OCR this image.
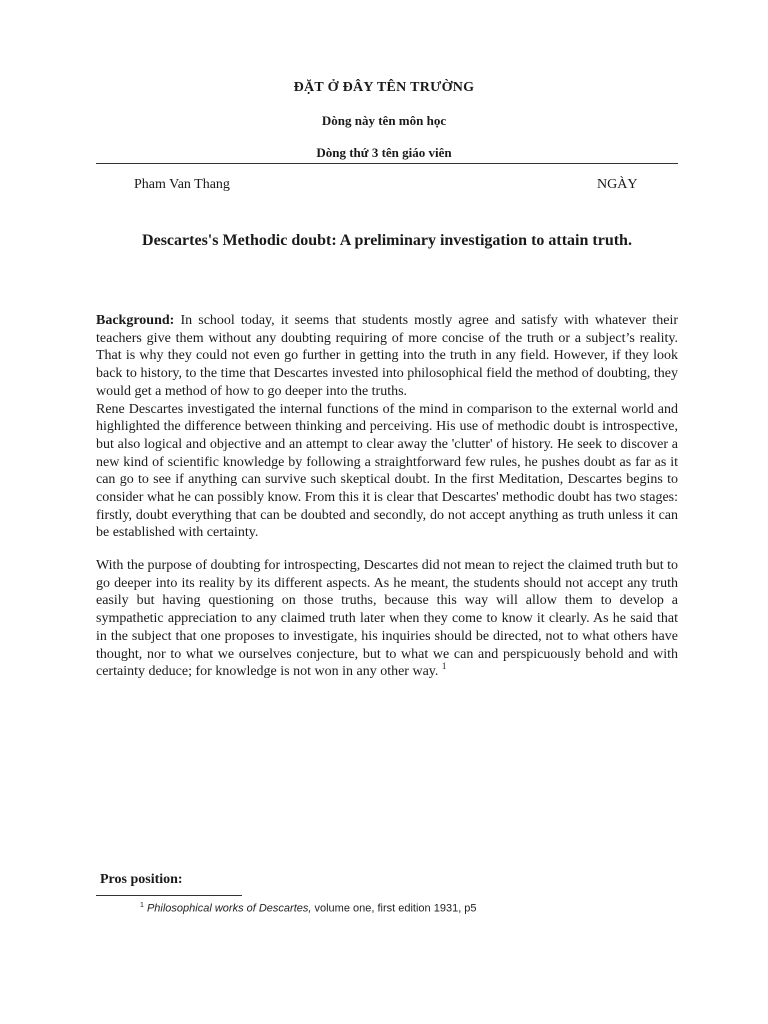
ĐẶT Ở ĐÂY TÊN TRƯỜNG
Dòng này tên môn học
Dòng thứ 3 tên giáo viên
Pham Van Thang	NGÀY
Descartes's Methodic doubt: A preliminary investigation to attain truth.

Background: In school today, it seems that students mostly agree and satisfy with whatever their teachers give them without any doubting requiring of more concise of the truth or a subject’s reality. That is why they could not even go further in getting into the truth in any field. However, if they look back to history, to the time that Descartes invested into philosophical field the method of doubting, they would get a method of how to go deeper into the truths.

Rene Descartes investigated the internal functions of the mind in comparison to the external world and highlighted the difference between thinking and perceiving. His use of methodic doubt is introspective, but also logical and objective and an attempt to clear away the 'clutter' of history. He seek to discover a new kind of scientific knowledge by following a straightforward few rules, he pushes doubt as far as it can go to see if anything can survive such skeptical doubt. In the first Meditation, Descartes begins to consider what he can possibly know. From this it is clear that Descartes' methodic doubt has two stages: firstly, doubt everything that can be doubted and secondly, do not accept anything as truth unless it can be established with certainty.

With the purpose of doubting for introspecting, Descartes did not mean to reject the claimed truth but to go deeper into its reality by its different aspects. As he meant, the students should not accept any truth easily but having questioning on those truths, because this way will allow them to develop a sympathetic appreciation to any claimed truth later when they come to know it clearly. As he said that in the subject that one proposes to investigate, his inquiries should be directed, not to what others have thought, nor to what we ourselves conjecture, but to what we can and perspicuously behold and with certainty deduce; for knowledge is not won in any other way. $^1$

Pros position:
$^1$ Philosophical works of Descartes, volume one, first edition 1931, p5
